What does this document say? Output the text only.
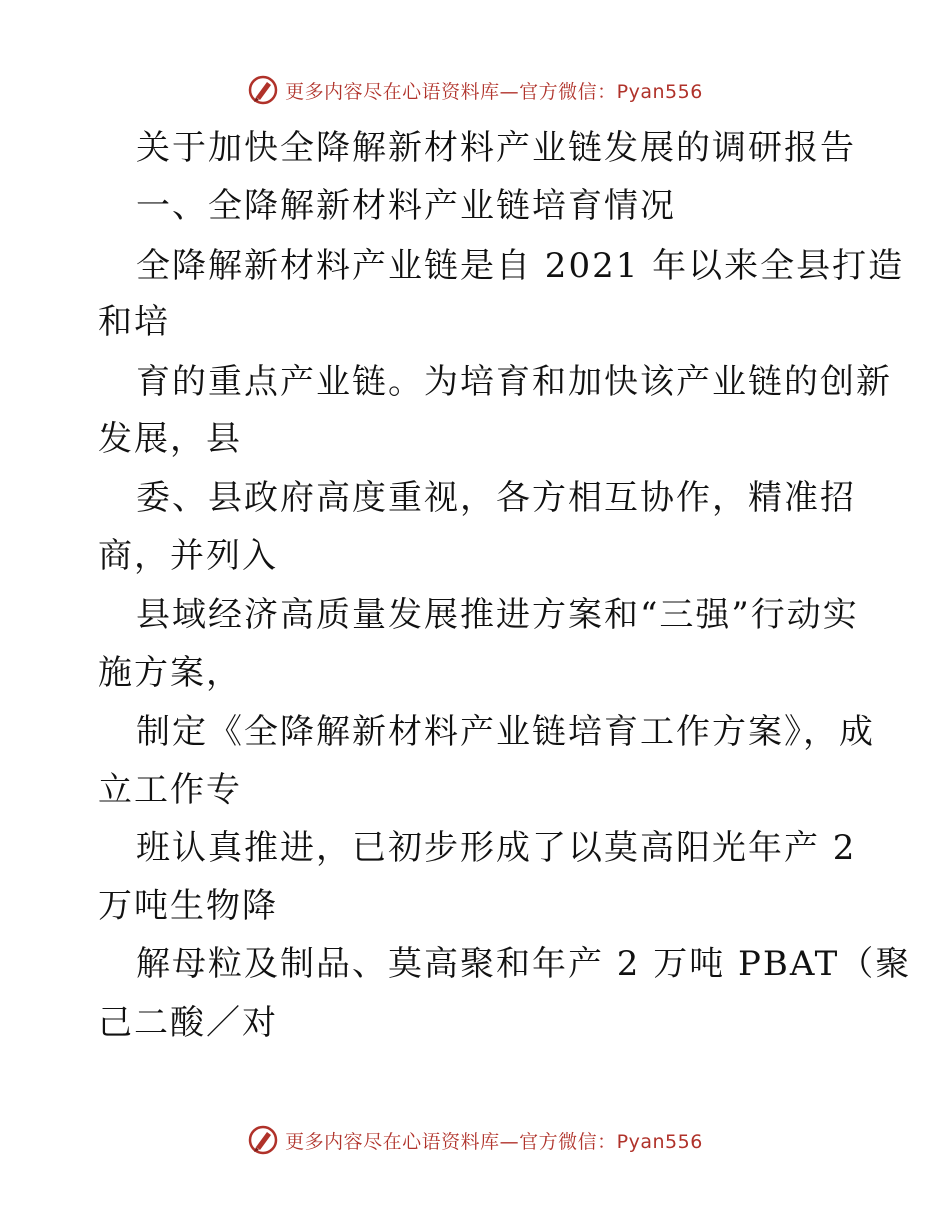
更多内容尽在心语资料库—官方微信：Pyan556
关于加快全降解新材料产业链发展的调研报告
一、全降解新材料产业链培育情况
全降解新材料产业链是自 2021 年以来全县打造
和培
育的重点产业链。为培育和加快该产业链的创新
发展，县
委、县政府高度重视，各方相互协作，精准招
商，并列入
县域经济高质量发展推进方案和“三强”行动实
施方案，
制定《全降解新材料产业链培育工作方案》，成
立工作专
班认真推进，已初步形成了以莫高阳光年产 2
万吨生物降
解母粒及制品、莫高聚和年产 2 万吨 PBAT（聚
己二酸／对
更多内容尽在心语资料库—官方微信：Pyan556
